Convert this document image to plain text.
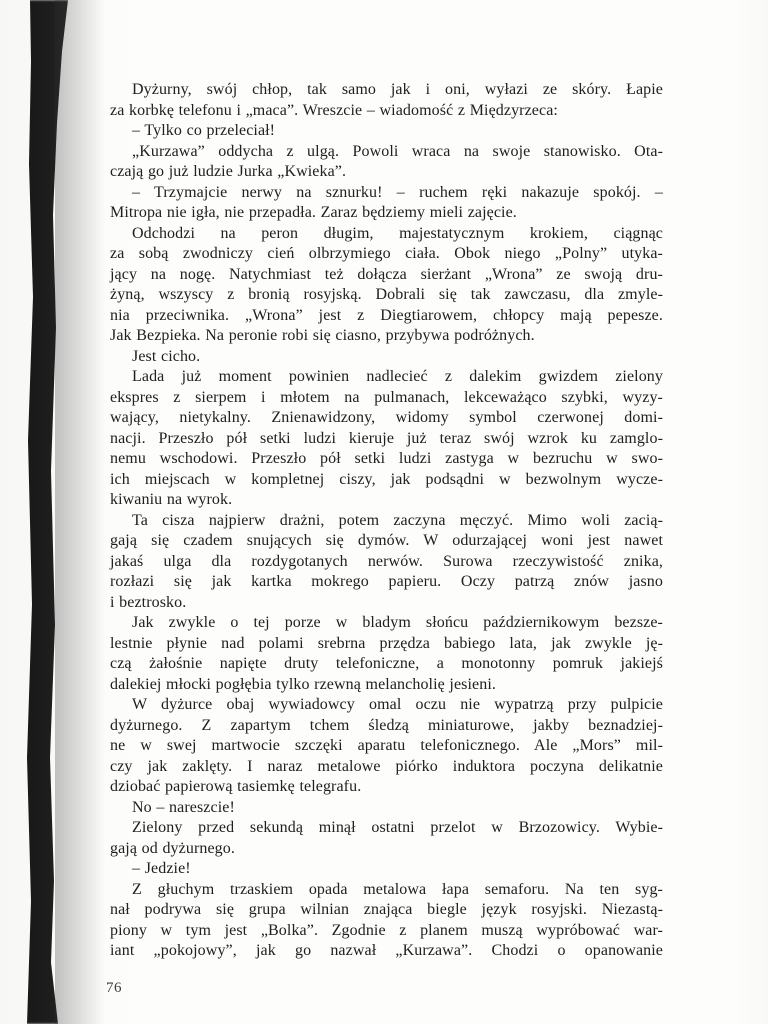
Dyżurny, swój chłop, tak samo jak i oni, wyłazi ze skóry. Łapie
za korbkę telefonu i „maca”. Wreszcie – wiadomość z Międzyrzeca:
– Tylko co przeleciał!
„Kurzawa” oddycha z ulgą. Powoli wraca na swoje stanowisko. Ota-
czają go już ludzie Jurka „Kwieka”.
– Trzymajcie nerwy na sznurku! – ruchem ręki nakazuje spokój. –
Mitropa nie igła, nie przepadła. Zaraz będziemy mieli zajęcie.
Odchodzi na peron długim, majestatycznym krokiem, ciągnąc
za sobą zwodniczy cień olbrzymiego ciała. Obok niego „Polny” utyka-
jący na nogę. Natychmiast też dołącza sierżant „Wrona” ze swoją dru-
żyną, wszyscy z bronią rosyjską. Dobrali się tak zawczasu, dla zmyle-
nia przeciwnika. „Wrona” jest z Diegtiarowem, chłopcy mają pepesze.
Jak Bezpieka. Na peronie robi się ciasno, przybywa podróżnych.
Jest cicho.
Lada już moment powinien nadlecieć z dalekim gwizdem zielony
ekspres z sierpem i młotem na pulmanach, lekceważąco szybki, wyzy-
wający, nietykalny. Znienawidzony, widomy symbol czerwonej domi-
nacji. Przeszło pół setki ludzi kieruje już teraz swój wzrok ku zamglo-
nemu wschodowi. Przeszło pół setki ludzi zastyga w bezruchu w swo-
ich miejscach w kompletnej ciszy, jak podsądni w bezwolnym wycze-
kiwaniu na wyrok.
Ta cisza najpierw drażni, potem zaczyna męczyć. Mimo woli zacią-
gają się czadem snujących się dymów. W odurzającej woni jest nawet
jakaś ulga dla rozdygotanych nerwów. Surowa rzeczywistość znika,
rozłazi się jak kartka mokrego papieru. Oczy patrzą znów jasno
i beztrosko.
Jak zwykle o tej porze w bladym słońcu październikowym bezsze-
lestnie płynie nad polami srebrna przędza babiego lata, jak zwykle ję-
czą żałośnie napięte druty telefoniczne, a monotonny pomruk jakiejś
dalekiej młocki pogłębia tylko rzewną melancholię jesieni.
W dyżurce obaj wywiadowcy omal oczu nie wypatrzą przy pulpicie
dyżurnego. Z zapartym tchem śledzą miniaturowe, jakby beznadziej-
ne w swej martwocie szczęki aparatu telefonicznego. Ale „Mors” mil-
czy jak zaklęty. I naraz metalowe piórko induktora poczyna delikatnie
dziobać papierową tasiemkę telegrafu.
No – nareszcie!
Zielony przed sekundą minął ostatni przelot w Brzozowicy. Wybie-
gają od dyżurnego.
– Jedzie!
Z głuchym trzaskiem opada metalowa łapa semaforu. Na ten syg-
nał podrywa się grupa wilnian znająca biegle język rosyjski. Niezastą-
piony w tym jest „Bolka”. Zgodnie z planem muszą wypróbować war-
iant „pokojowy”, jak go nazwał „Kurzawa”. Chodzi o opanowanie
76
